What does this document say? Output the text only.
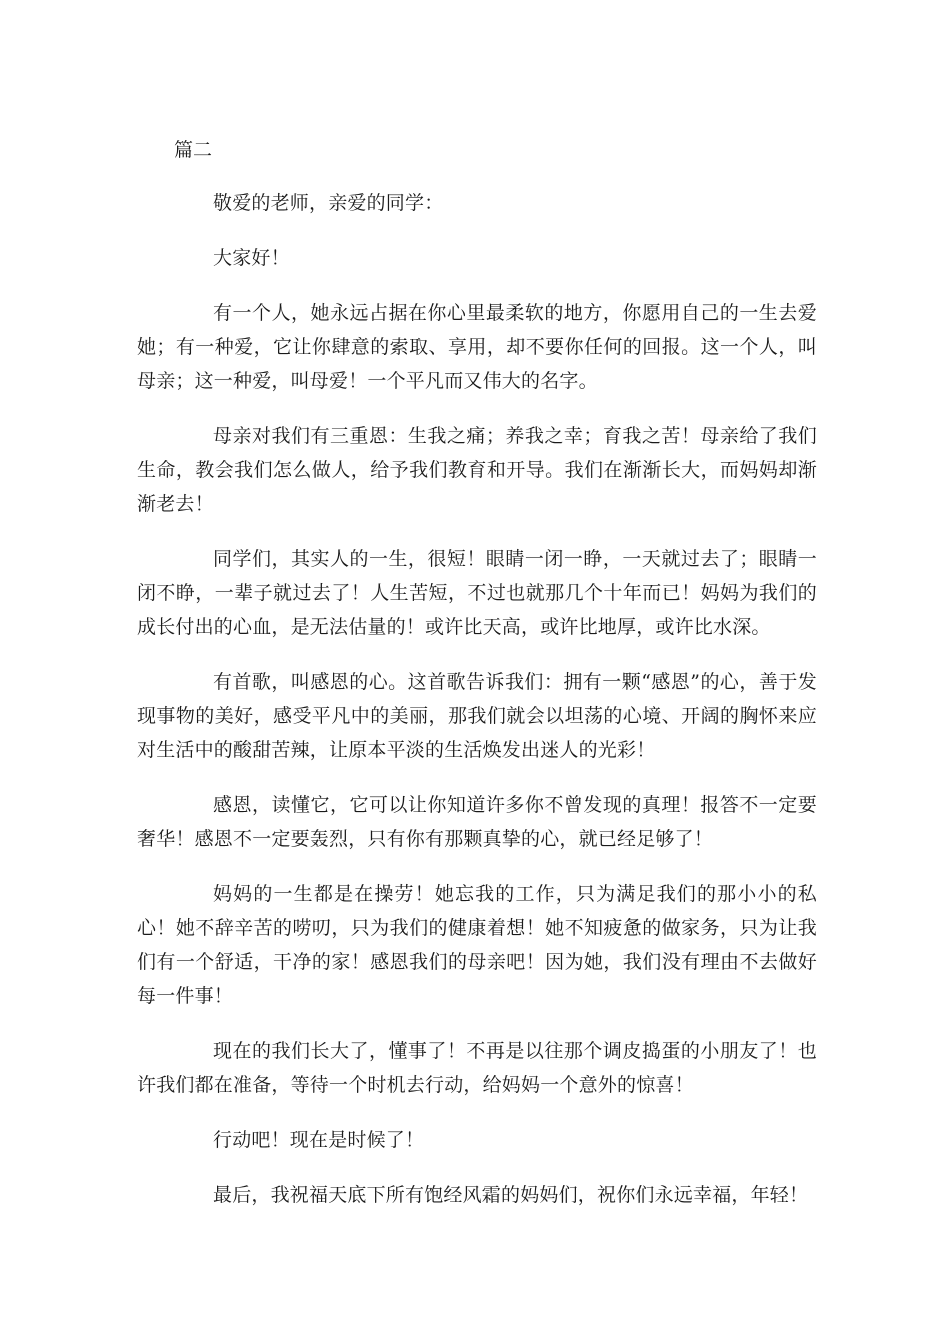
篇二

敬爱的老师，亲爱的同学：

大家好！

有一个人，她永远占据在你心里最柔软的地方，你愿用自己的一生去爱她；有一种爱，它让你肆意的索取、享用，却不要你任何的回报。这一个人，叫母亲；这一种爱，叫母爱！一个平凡而又伟大的名字。

母亲对我们有三重恩：生我之痛；养我之幸；育我之苦！母亲给了我们生命，教会我们怎么做人，给予我们教育和开导。我们在渐渐长大，而妈妈却渐渐老去！

同学们，其实人的一生，很短！眼睛一闭一睁，一天就过去了；眼睛一闭不睁，一辈子就过去了！人生苦短，不过也就那几个十年而已！妈妈为我们的成长付出的心血，是无法估量的！或许比天高，或许比地厚，或许比水深。

有首歌，叫感恩的心。这首歌告诉我们：拥有一颗“感恩”的心，善于发现事物的美好，感受平凡中的美丽，那我们就会以坦荡的心境、开阔的胸怀来应对生活中的酸甜苦辣，让原本平淡的生活焕发出迷人的光彩！

感恩，读懂它，它可以让你知道许多你不曾发现的真理！报答不一定要奢华！感恩不一定要轰烈，只有你有那颗真挚的心，就已经足够了！

妈妈的一生都是在操劳！她忘我的工作，只为满足我们的那小小的私心！她不辞辛苦的唠叨，只为我们的健康着想！她不知疲惫的做家务，只为让我们有一个舒适，干净的家！感恩我们的母亲吧！因为她，我们没有理由不去做好每一件事！

现在的我们长大了，懂事了！不再是以往那个调皮捣蛋的小朋友了！也许我们都在准备，等待一个时机去行动，给妈妈一个意外的惊喜！

行动吧！现在是时候了！

最后，我祝福天底下所有饱经风霜的妈妈们，祝你们永远幸福，年轻！
